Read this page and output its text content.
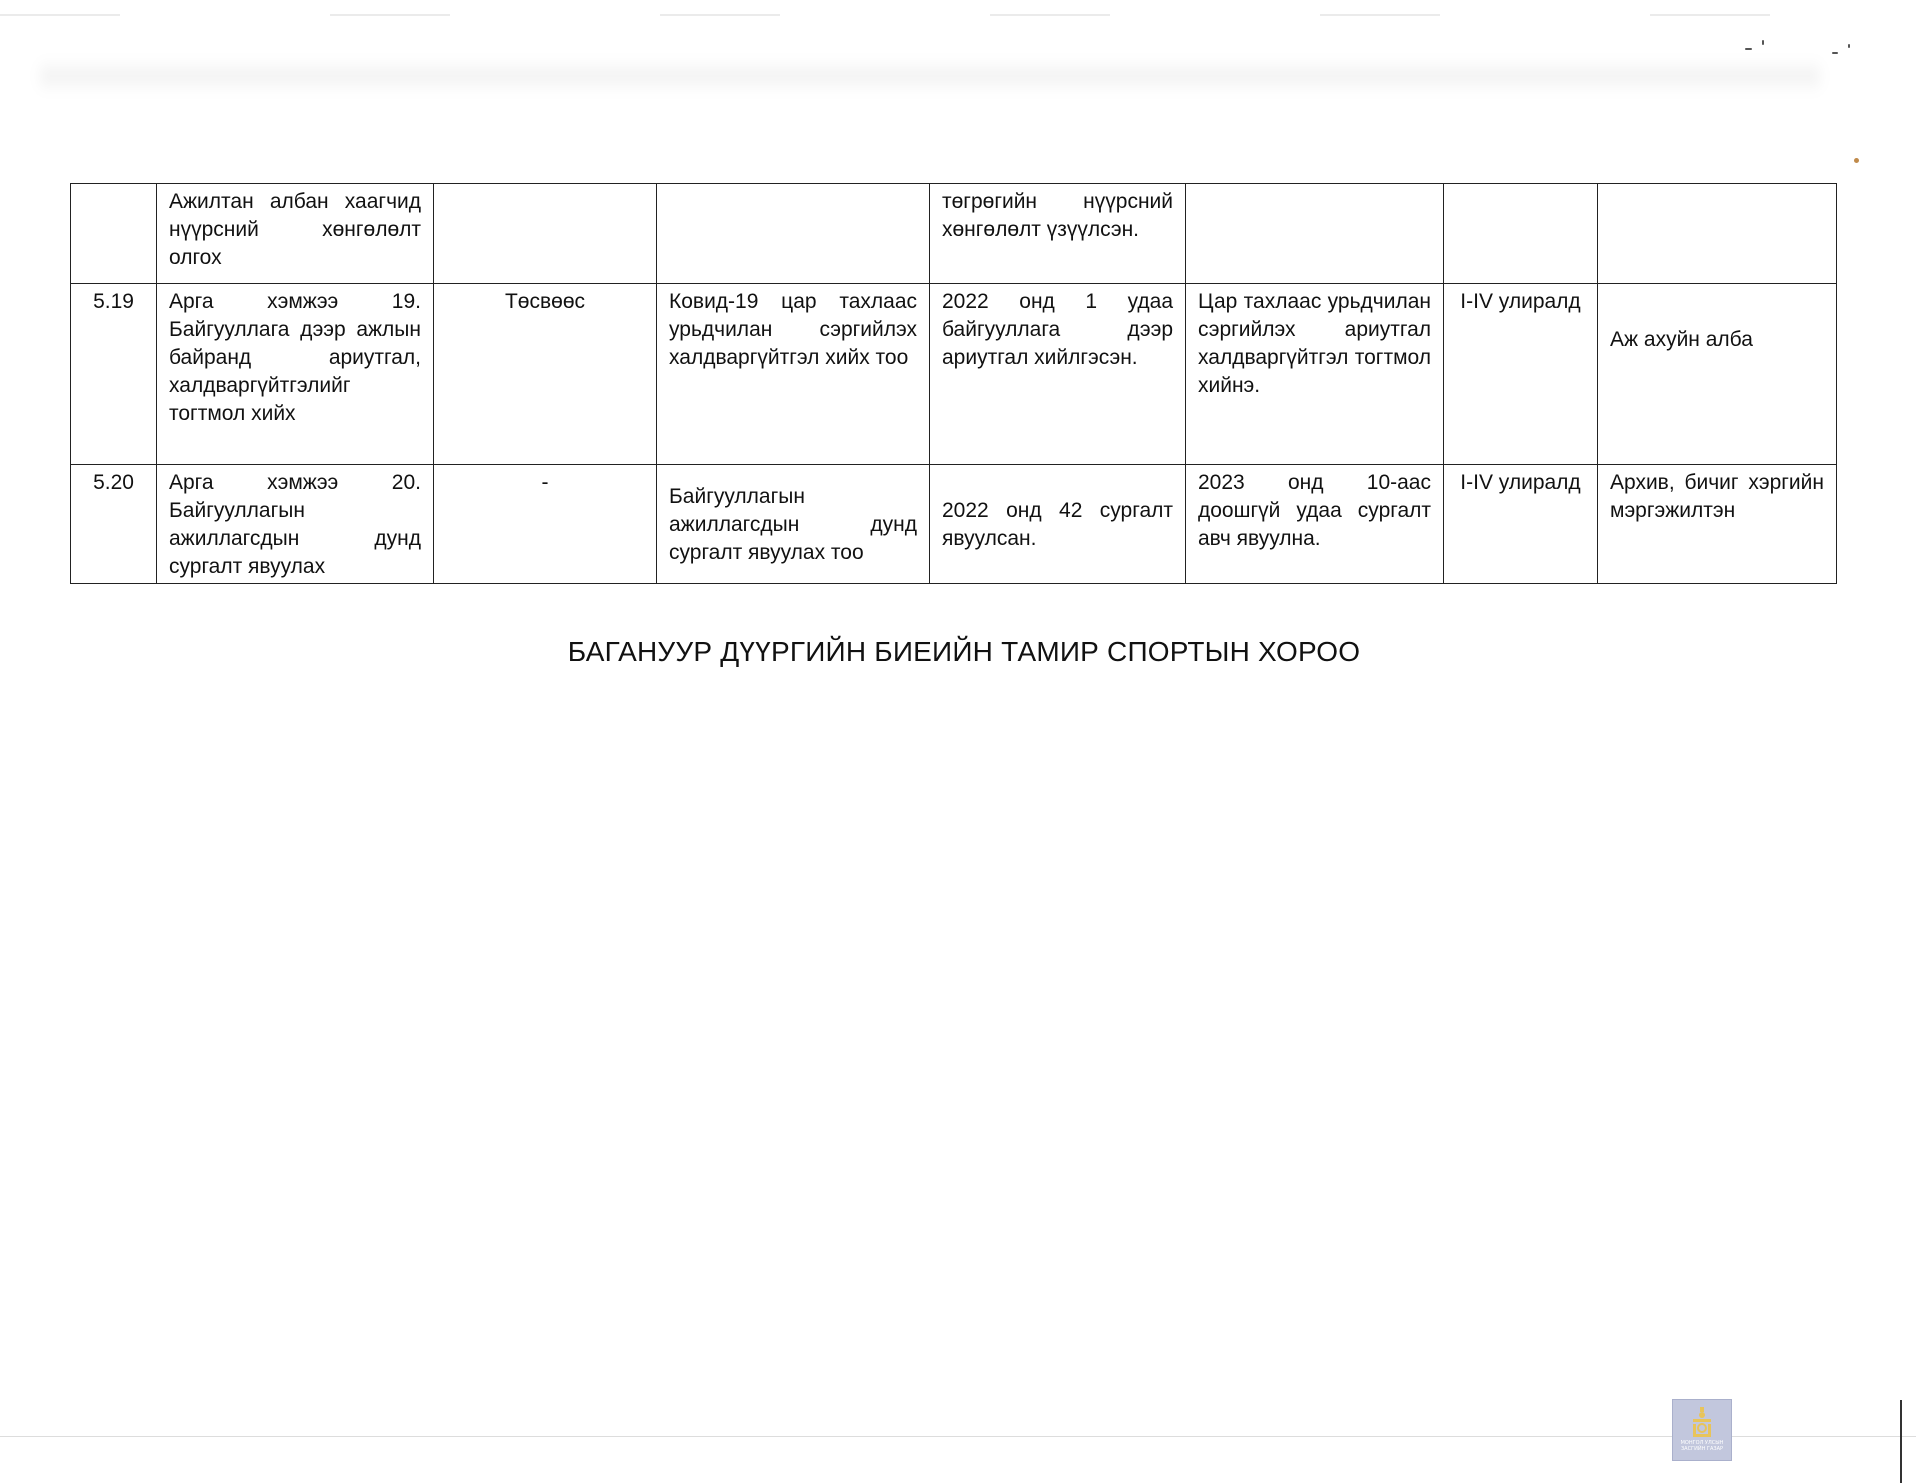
	Ажилтан албан хаагчид нүүрсний хөнгөлөлт олгох			төгрөгийн нүүрсний хөнгөлөлт үзүүлсэн.			
5.19	Арга хэмжээ 19. Байгууллага дээр ажлын байранд ариутгал, халдваргүйтгэлийг тогтмол хийх	Төсвөөс	Ковид-19 цар тахлаас урьдчилан сэргийлэх халдваргүйтгэл хийх тоо	2022 онд 1 удаа байгууллага дээр ариутгал хийлгэсэн.	Цар тахлаас урьдчилан сэргийлэх ариутгал халдваргүйтгэл тогтмол хийнэ.	I-IV улиралд	Аж ахуйн алба
5.20	Арга хэмжээ 20. Байгууллагын ажиллагсдын дунд сургалт явуулах	-	Байгууллагын ажиллагсдын дунд сургалт явуулах тоо	2022 онд 42 сургалт явуулсан.	2023 онд 10-аас доошгүй удаа сургалт авч явуулна.	I-IV улиралд	Архив, бичиг хэргийн мэргэжилтэн
БАГАНУУР ДҮҮРГИЙН БИЕИЙН ТАМИР СПОРТЫН ХОРОО
МОНГОЛ УЛСЫН
ЗАСГИЙН ГАЗАР
